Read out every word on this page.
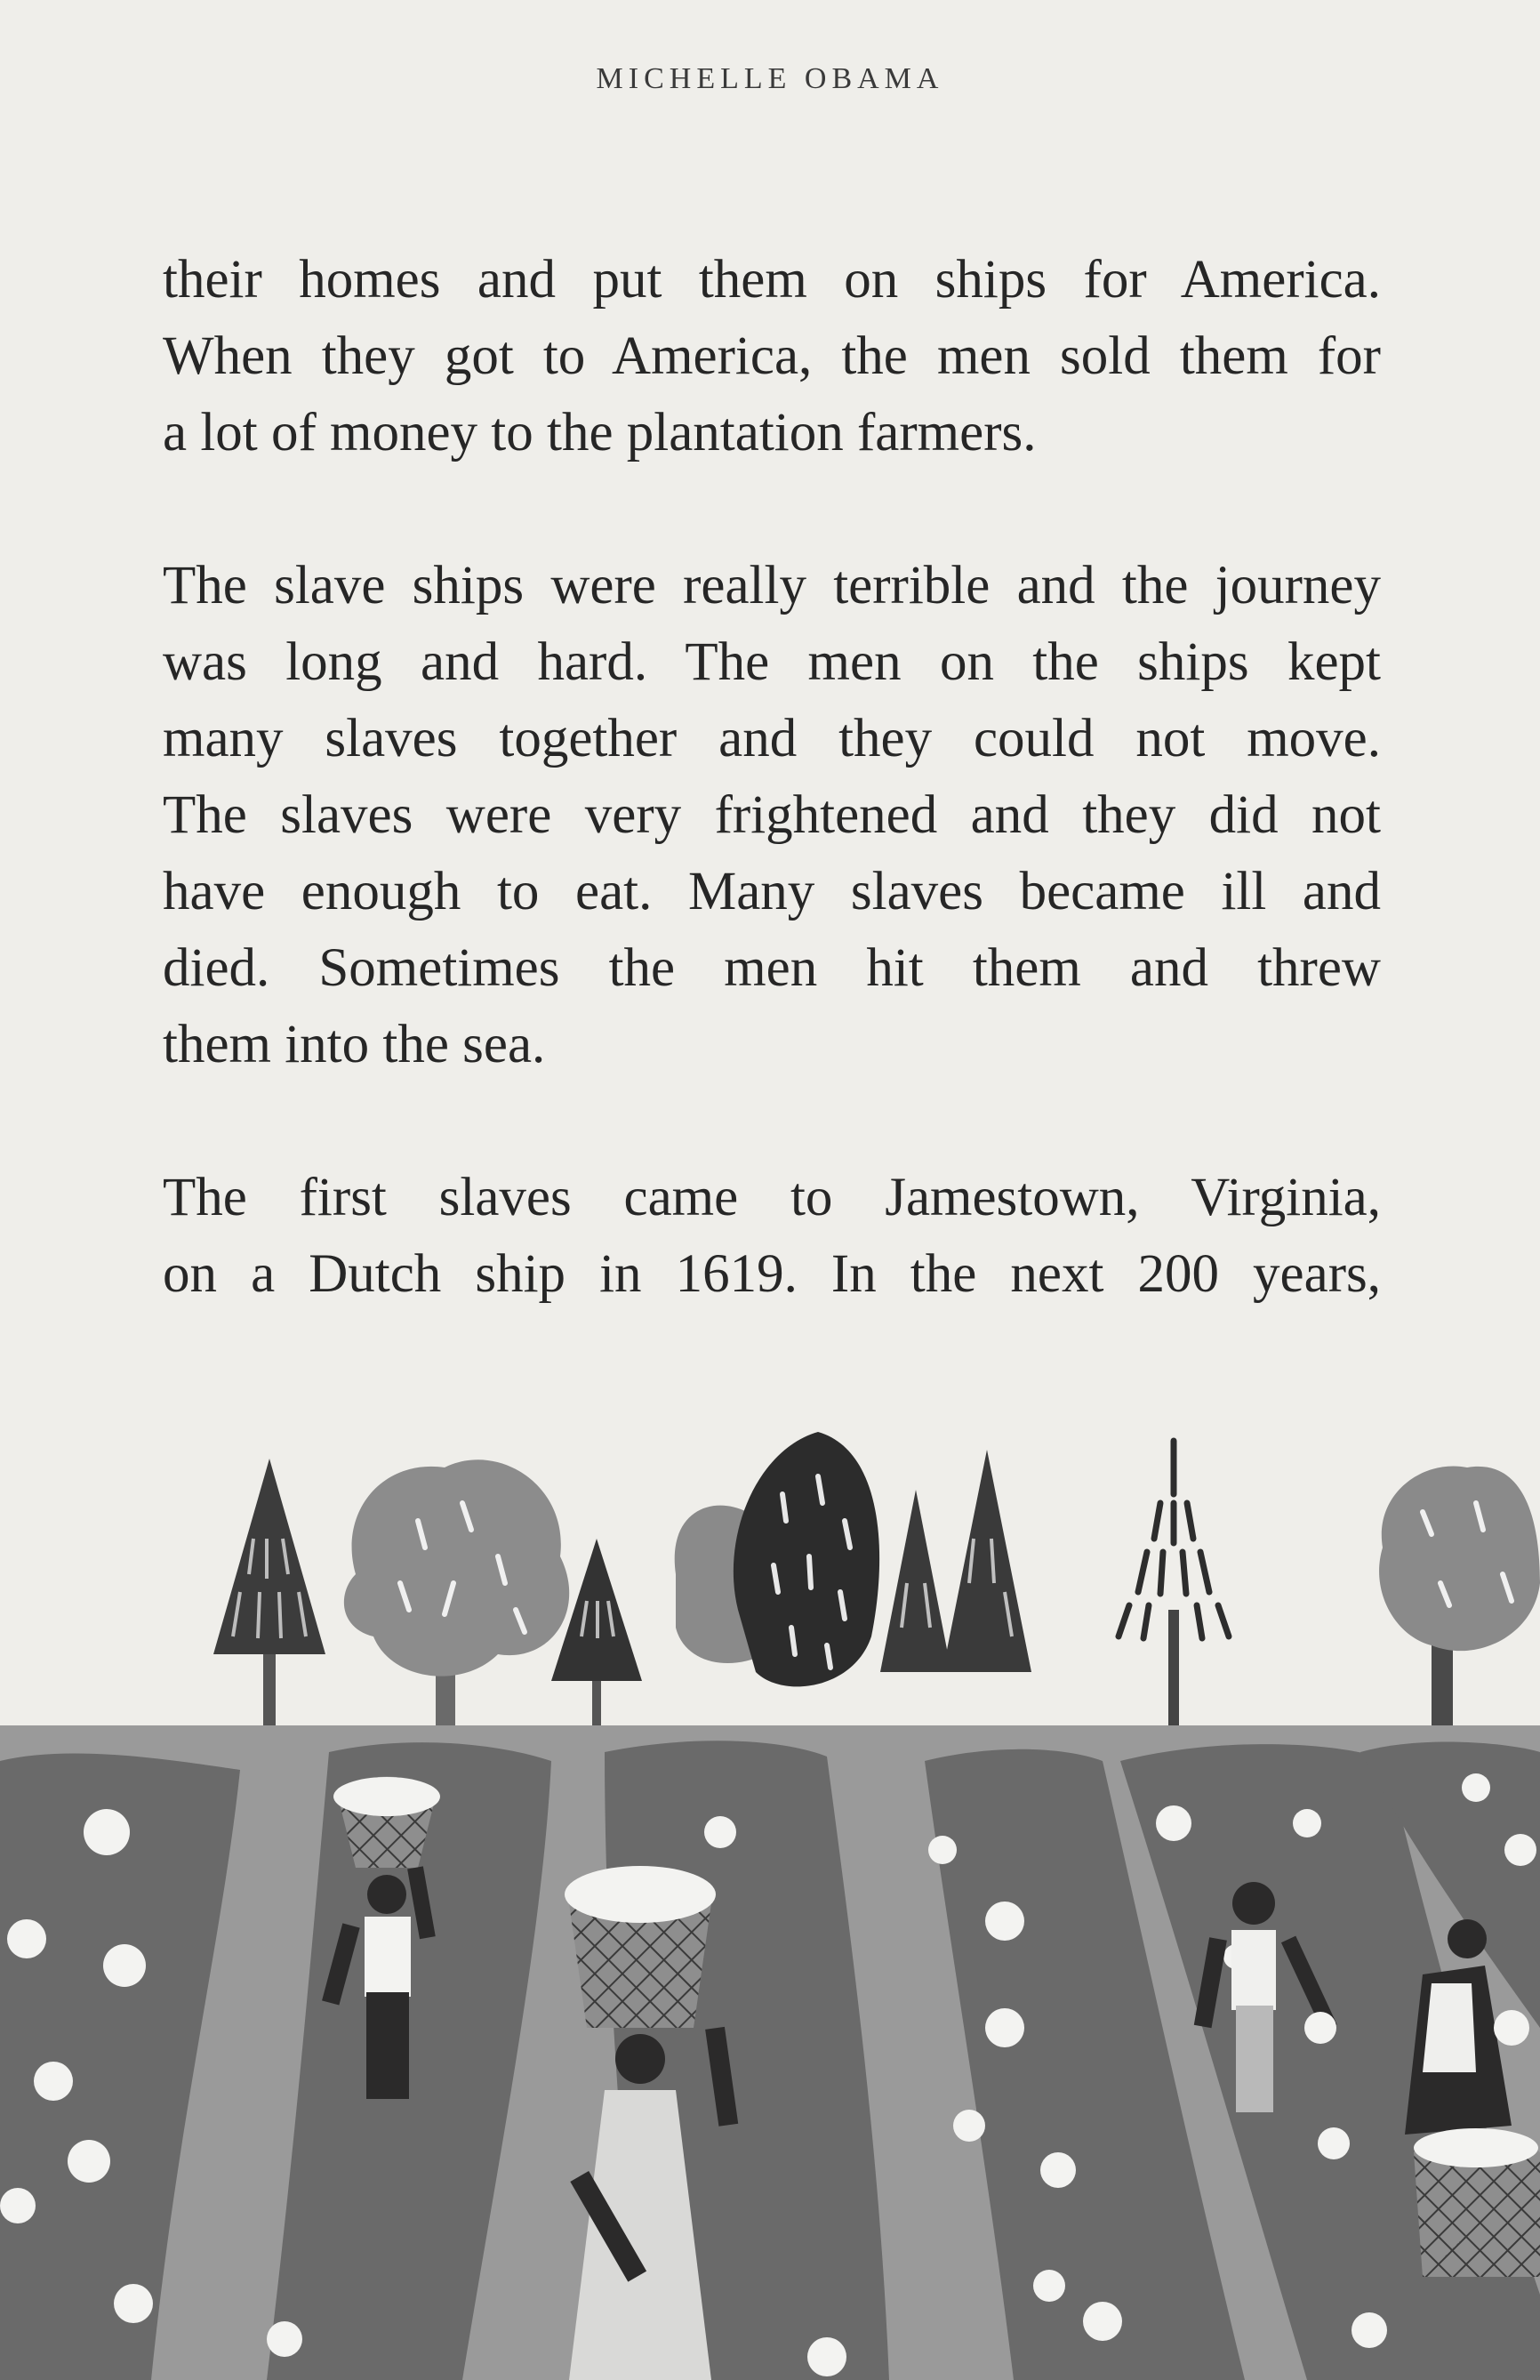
MICHELLE OBAMA

their homes and put them on ships for America.
When they got to America, the men sold them for
a lot of money to the plantation farmers.

The slave ships were really terrible and the journey
was long and hard. The men on the ships kept
many slaves together and they could not move.
The slaves were very frightened and they did not
have enough to eat. Many slaves became ill and
died. Sometimes the men hit them and threw
them into the sea.

The first slaves came to Jamestown, Virginia,
on a Dutch ship in 1619. In the next 200 years,
